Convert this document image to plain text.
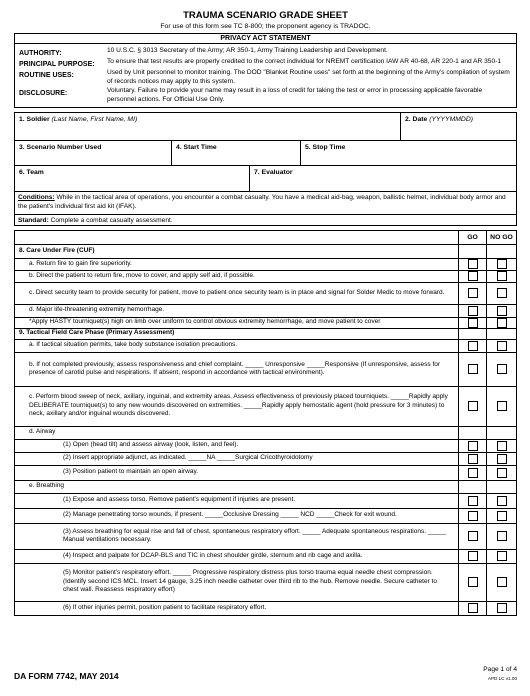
TRAUMA SCENARIO GRADE SHEET
For use of this form see TC 8-800; the proponent agency is TRADOC.
PRIVACY ACT STATEMENT
AUTHORITY:	10 U.S.C. § 3013 Secretary of the Army; AR 350-1, Army Training Leadership and Development.
PRINCIPAL PURPOSE:	To ensure that test results are properly credited to the correct individual for NREMT certification IAW AR 40-68, AR 220-1 and AR 350-1
ROUTINE USES:	Used by Unit personnel to monitor training. The DOD "Blanket Routine uses" set forth at the beginning of the Army's compilation of system of records notices may apply to this system.
DISCLOSURE:	Voluntary. Failure to provide your name may result in a loss of credit for taking the test or error in processing applicable favorable personnel actions. For Official Use Only.
1. Soldier (Last Name, First Name, MI)	2. Date (YYYYMMDD)
3. Scenario Number Used	4. Start Time	5. Stop Time
6. Team	7. Evaluator
Conditions: While in the tactical area of operations, you encounter a combat casualty. You have a medical aid-bag, weapon, ballistic helmet, individual body armor and the patient's individual first aid kit (IFAK).
Standard: Complete a combat casualty assessment.
GO	NO GO
8. Care Under Fire (CUF)
a. Return fire to gain fire superiority.
b. Direct the patient to return fire, move to cover, and apply self aid, if possible.
c. Direct security team to provide security for patient, move to patient once security team is in place and signal for Solder Medic to move forward.
d. Major life-threatening extremity hemorrhage.
*Apply HASTY tourniquet(s) high on limb over uniform to control obvious extremity hemorrhage, and move patient to cover
9. Tactical Field Care Phase (Primary Assessment)
a. If tactical situation permits, take body substance isolation precautions.
b. If not completed previously, assess responsiveness and chief complaint. _____ Unresponsive _____Responsive (If unresponsive, assess for presence of carotid pulse and respirations. If absent, respond in accordance with tactical environment).
c. Perform blood sweep of neck, axillary, inguinal, and extremity areas. Assess effectiveness of previously placed tourniquets. _____Rapidly apply DELIBERATE tourniquet(s) to any new wounds discovered on extremities. _____Rapidly apply hemostatic agent (hold pressure for 3 minutes) to neck, axillary and/or inguinal wounds discovered.
d. Airway
(1) Open (head tilt) and assess airway (look, listen, and feel).
(2) Insert appropriate adjunct, as indicated. _____NA _____Surgical Cricothyroidotomy
(3) Position patient to maintain an open airway.
e. Breathing
(1) Expose and assess torso. Remove patient's equipment if injuries are present.
(2) Manage penetrating torso wounds, if present. _____Occlusive Dressing _____ NCD _____Check for exit wound.
(3) Assess breathing for equal rise and fall of chest, spontaneous respiratory effort. _____ Adequate spontaneous respirations. _____ Manual ventilations necessary.
(4) Inspect and palpate for DCAP-BLS and TIC in chest shoulder girdle, sternum and rib cage and axilla.
(5) Monitor patient's respiratory effort. _____ Progressive respiratory distress plus torso trauma equal needle chest compression. (Identify second ICS MCL. Insert 14 gauge, 3.25 inch needle catheter over third rib to the hub. Remove needle. Secure catheter to chest wall. Reassess respiratory effort)
(6) If other injuries permit, position patient to facilitate respiratory effort.
DA FORM 7742, MAY 2014
Page 1 of 4
APD LC v1.00
